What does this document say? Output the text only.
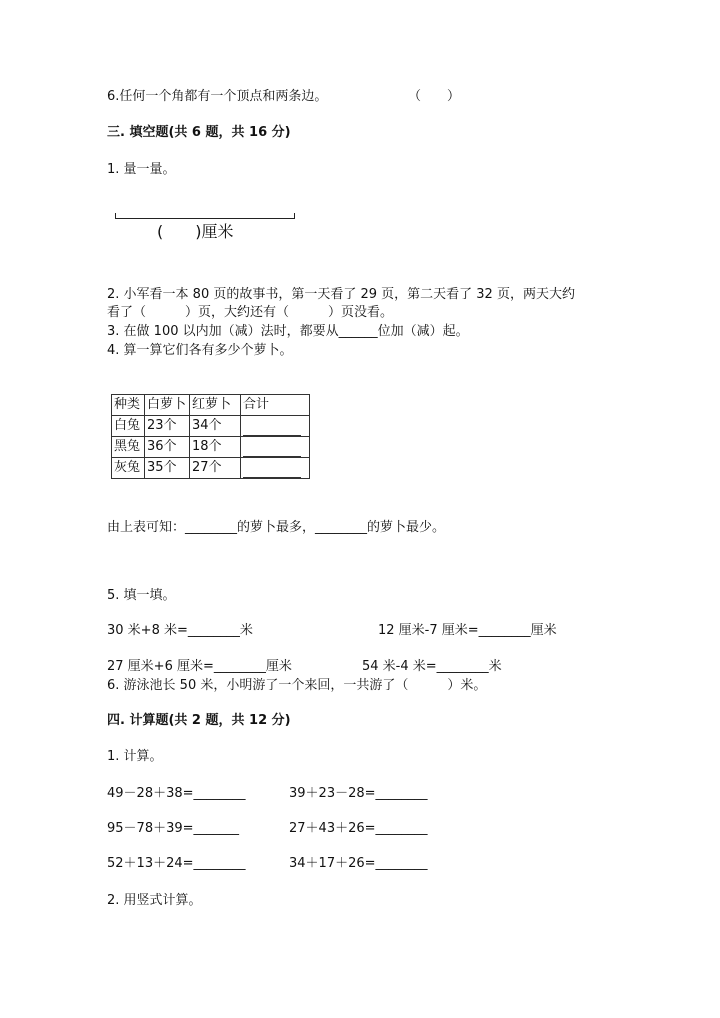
6.任何一个角都有一个顶点和两条边。	（　　）
三. 填空题(共 6 题，共 16 分)
1. 量一量。
(　　)厘米
2. 小军看一本 80 页的故事书，第一天看了 29 页，第二天看了 32 页，两天大约
看了（　　　）页，大约还有（　　　）页没看。
3. 在做 100 以内加（减）法时，都要从______位加（减）起。
4. 算一算它们各有多少个萝卜。
种类	白萝卜	红萝卜	合计
白兔	23个	34个	
黑兔	36个	18个	
灰兔	35个	27个	
由上表可知：________的萝卜最多，________的萝卜最少。
5. 填一填。
30 米+8 米=________米	12 厘米-7 厘米=________厘米
27 厘米+6 厘米=________厘米	54 米-4 米=________米
6. 游泳池长 50 米，小明游了一个来回，一共游了（　　　）米。
四. 计算题(共 2 题，共 12 分)
1. 计算。
49－28＋38=________	39＋23－28=________
95－78＋39=_______	27＋43＋26=________
52＋13＋24=________	34＋17＋26=________
2. 用竖式计算。
